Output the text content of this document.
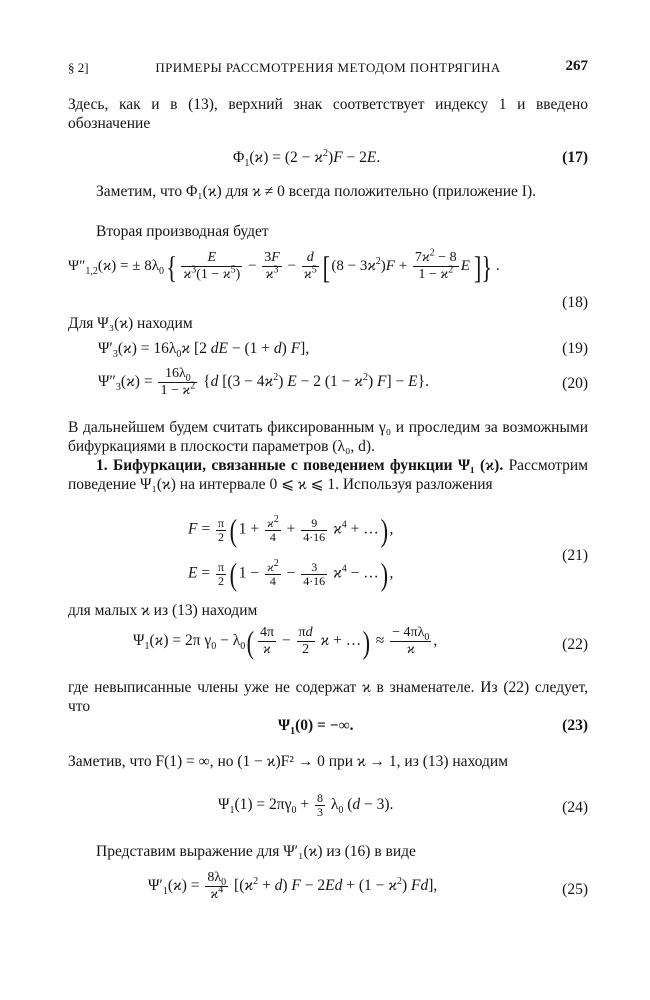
§ 2]	ПРИМЕРЫ РАССМОТРЕНИЯ МЕТОДОМ ПОНТРЯГИНА	267
Здесь, как и в (13), верхний знак соответствует индексу 1 и введено обозначение
$\Phi_1(ϰ) = (2 - ϰ^2)F - 2E$.	(17)
Заметим, что Φ₁(ϰ) для ϰ ≠ 0 всегда положительно (приложение I).
Вторая производная будет
$\Psi''_{1,2}(ϰ)$ = ± $8\lambda_0\{ \frac{E}{ϰ^3(1 - ϰ^5)} - \frac{3F}{ϰ^3} - \frac{d}{ϰ^5}$ [ $(8 - 3ϰ^2)F + \frac{7ϰ^2 - 8}{1 - ϰ^2}$ E ]} .
(18)
Для Ψ₃(ϰ) находим
$\Psi'_3(ϰ) = 16\lambda_0ϰ$ [2 dE − (1 + d) F],	(19)
$\Psi''_3(ϰ) = \frac{16\lambda_0}{1 - ϰ^2} \{d$ [$(3 - 4ϰ^2)$ E − 2 $(1 - ϰ^2)$ F] − E}.	(20)
В дальнейшем будем считать фиксированным γ₀ и проследим за возможными бифуркациями в плоскости параметров (λ₀, d).
1. Бифуркации, связанные с поведением функции Ψ₁ (ϰ). Рассмотрим поведение Ψ₁(ϰ) на интервале 0 ⩽ ϰ ⩽ 1. Используя разложения
$F = \frac{\pi}{2}$ ( $1 + \frac{ϰ^2}{4} + \frac{9}{4\cdot 16} ϰ^4$ + …) ,
$E = \frac{\pi}{2}$ ( $1 - \frac{ϰ^2}{4} - \frac{3}{4\cdot 16} ϰ^4$ − …) ,
(21)
для малых ϰ из (13) находим
$\Psi_1(ϰ) = 2\pi$ $\gamma_0 - \lambda_0( \frac{4\pi}{ϰ} - \frac{\pi d}{2}$ ϰ + …) ≈ $\frac{- 4\pi\lambda_0}{ϰ}$ ,	(22)
где невыписанные члены уже не содержат ϰ в знаменателе. Из (22) следует, что
$\Psi_1(0)$ = −∞.	(23)
Заметив, что F(1) = ∞, но (1 − ϰ)F² → 0 при ϰ → 1, из (13) находим
$\Psi_1(1) = 2\pi\gamma_0 + \frac{8}{3} \lambda_0$ (d − 3).	(24)
Представим выражение для Ψ′₁(ϰ) из (16) в виде
$\Psi'_1(ϰ) = \frac{8\lambda_0}{ϰ^4} [(ϰ^2 + d) F - 2Ed + (1 - ϰ^2)$ Fd],	(25)
